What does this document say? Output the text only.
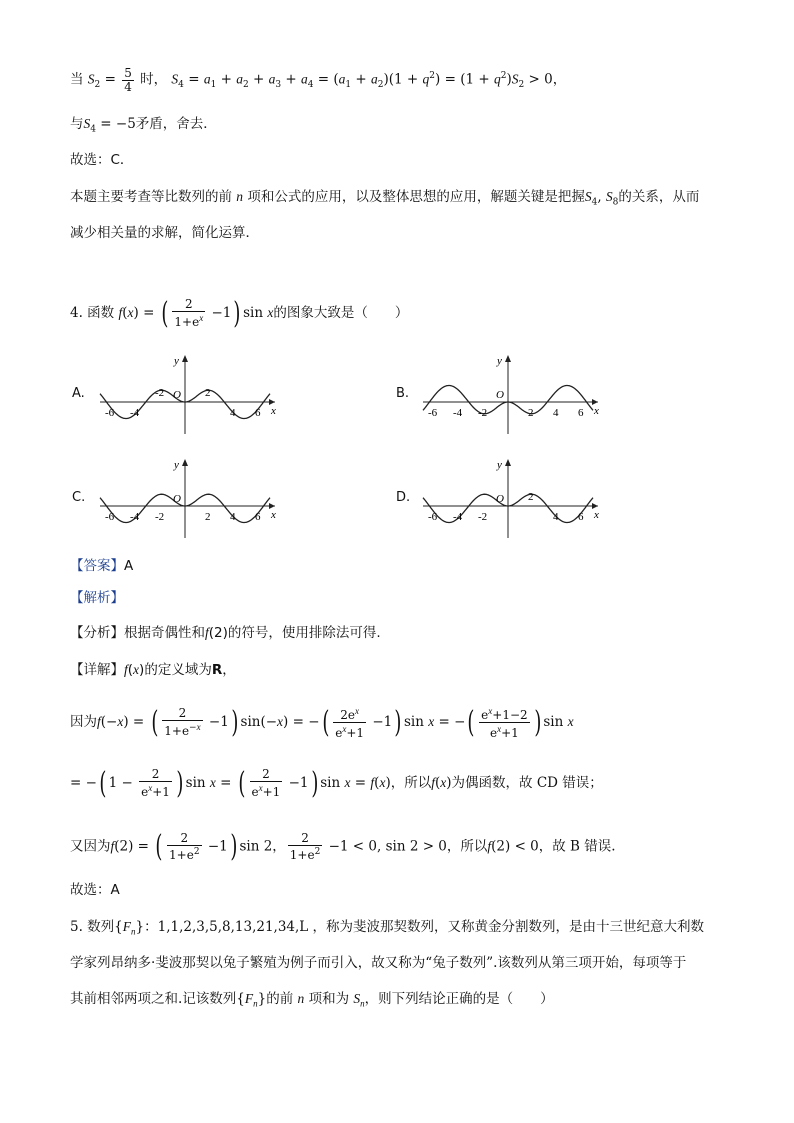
当 $S_2 = \frac{5}{4}$ 时， $S_4 = a_1 + a_2 + a_3 + a_4 = (a_1 + a_2)(1 + q^2) = (1 + q^2)S_2 > 0$，
与$S_4 = -5$矛盾，舍去．
故选：C．
本题主要考查等比数列的前 n 项和公式的应用，以及整体思想的应用，解题关键是把握$S_4$, $S_8$的关系，从而
减少相关量的求解，简化运算．
4. 函数 f(x) = ( $\frac{2}{1+e^x} -1$) sin x的图象大致是（　　）
A.	B.
C.	D.
-6 -4
-2	2
4 6
O
x
y
-6 -4 -2	2 4 6
O
x
y
-6 -4 -2	2 4 6
O
x
y
-6 -4 -2
2
4 6
O
x
y
【答案】A
【解析】
【分析】根据奇偶性和f(2)的符号，使用排除法可得.
【详解】f(x)的定义域为R，
因为f(−x) = ( $\frac{2}{1+e^{-x}} -1$) sin(−x) = −( $\frac{2e^x}{e^x+1} -1$) sin x = −( $\frac{e^x+1-2}{e^x+1}$ ) sin x
= −( $1 - \frac{2}{e^x+1}$ ) sin x = ( $\frac{2}{e^x+1} -1$) sin x = f(x)，所以f(x)为偶函数，故 CD 错误；
又因为f(2) = ( $\frac{2}{1+e^2} -1$) sin 2， $\frac{2}{1+e^2} -1 < 0$, sin 2 > 0，所以f(2) < 0，故 B 错误.
故选：A
5. 数列$\{F_n\}$：1,1,2,3,5,8,13,21,34,L ，称为斐波那契数列，又称黄金分割数列，是由十三世纪意大利数
学家列昂纳多·斐波那契以兔子繁殖为例子而引入，故又称为“兔子数列”.该数列从第三项开始，每项等于
其前相邻两项之和.记该数列$\{F_n\}$的前 n 项和为 $S_n$，则下列结论正确的是（　　）
